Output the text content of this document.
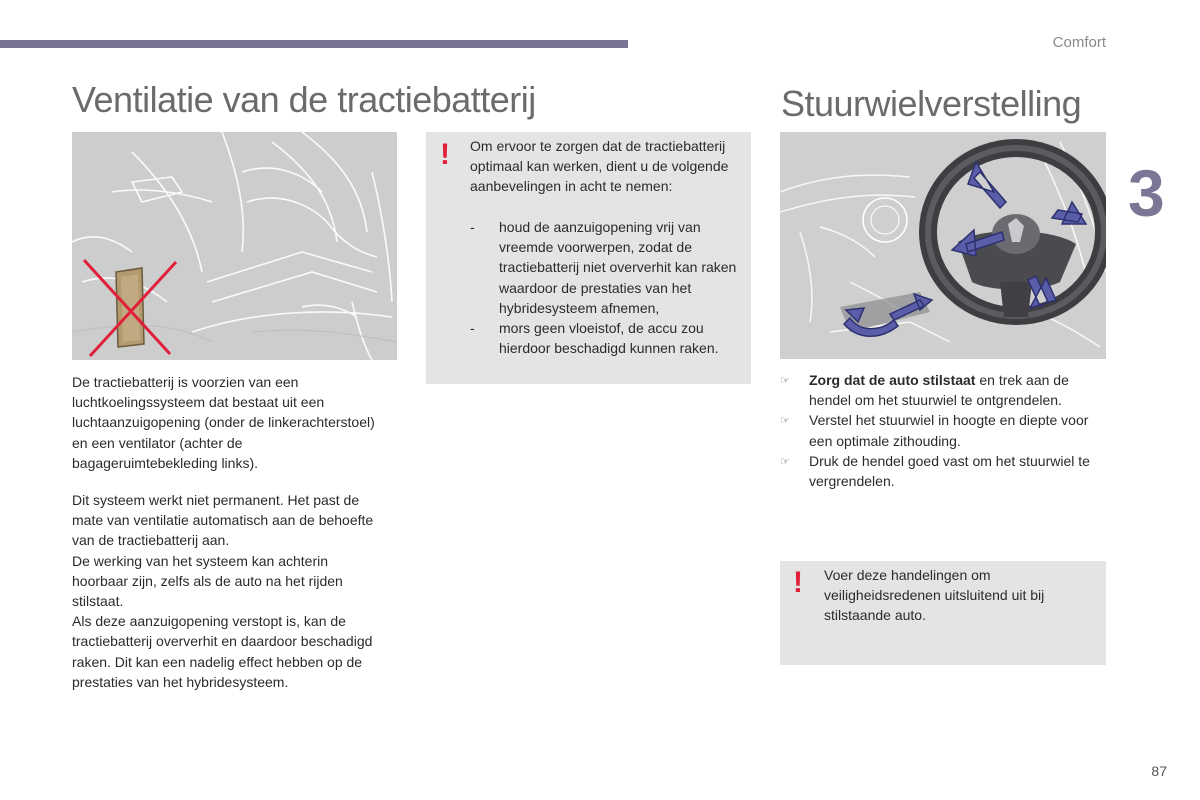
Comfort
3
Ventilatie van de tractiebatterij	Stuurwielverstelling

De tractiebatterij is voorzien van een luchtkoelingssysteem dat bestaat uit een luchtaanzuigopening (onder de linkerachterstoel) en een ventilator (achter de bagageruimtebekleding links).

Dit systeem werkt niet permanent. Het past de mate van ventilatie automatisch aan de behoefte van de tractiebatterij aan.
De werking van het systeem kan achterin hoorbaar zijn, zelfs als de auto na het rijden stilstaat.
Als deze aanzuigopening verstopt is, kan de tractiebatterij oververhit en daardoor beschadigd raken. Dit kan een nadelig effect hebben op de prestaties van het hybridesysteem.

! Om ervoor te zorgen dat de tractiebatterij optimaal kan werken, dient u de volgende aanbevelingen in acht te nemen:
- houd de aanzuigopening vrij van vreemde voorwerpen, zodat de tractiebatterij niet oververhit kan raken waardoor de prestaties van het hybridesysteem afnemen,
- mors geen vloeistof, de accu zou hierdoor beschadigd kunnen raken.
☞ Zorg dat de auto stilstaat en trek aan de hendel om het stuurwiel te ontgrendelen.
☞ Verstel het stuurwiel in hoogte en diepte voor een optimale zithouding.
☞ Druk de hendel goed vast om het stuurwiel te vergrendelen.
! Voer deze handelingen om veiligheidsredenen uitsluitend uit bij stilstaande auto.
87
